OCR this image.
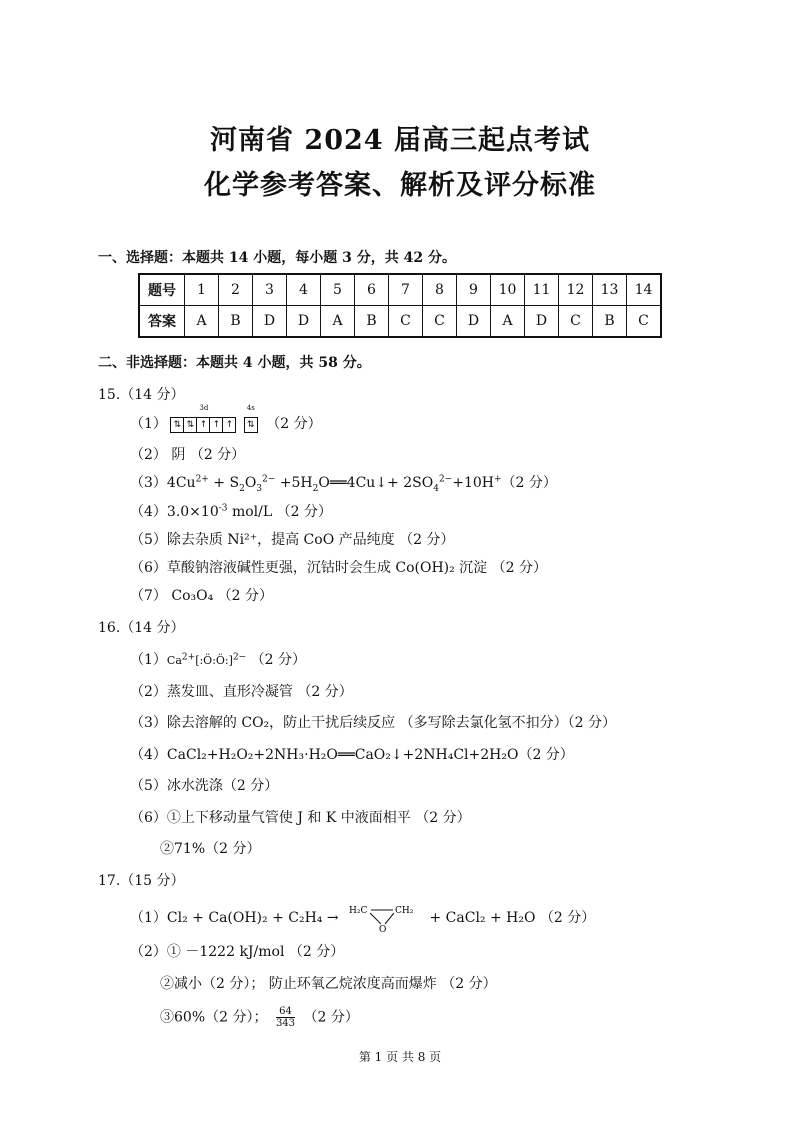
河南省 2024 届高三起点考试
化学参考答案、解析及评分标准
一、选择题：本题共 14 小题，每小题 3 分，共 42 分。
题号	1	2	3	4	5	6	7	8	9	10	11	12	13	14
答案	A	B	D	D	A	B	C	C	D	A	D	C	B	C
二、非选择题：本题共 4 小题，共 58 分。
15.（14 分）
（1）
3d
⇅ ⇅ ↑ ↑ ↑
4s
⇅ （2 分）
（2） 阴 （2 分）
$(3)4Cu^{2+} + S_2O_3^{2-}$ $+5H_2O══4Cu↓+ 2SO_4^{2-}+10H^+(2$ 分）
$(4)3.0\times 10^{-3}$ mol/L （2 分）
（5）除去杂质 Ni²⁺，提高 CoO 产品纯度 （2 分）
（6）草酸钠溶液碱性更强，沉钴时会生成 Co(OH)₂ 沉淀 （2 分）
（7） Co₃O₄ （2 分）
16.（14 分）
$(1)Ca^{2+}[:Ö:Ö:]^{2-}$ （2 分）
（2）蒸发皿、直形冷凝管 （2 分）
（3）除去溶解的 CO₂，防止干扰后续反应 （多写除去氯化氢不扣分）（2 分）
（4）CaCl₂+H₂O₂+2NH₃·H₂O══CaO₂↓+2NH₄Cl+2H₂O（2 分）
（5）冰水洗涤（2 分）
（6）①上下移动量气管使 J 和 K 中液面相平 （2 分）
②71%（2 分）
17.（15 分）
（1）Cl₂ + Ca(OH)₂ + C₂H₄ → H₂C	CH₂
O
+ CaCl₂ + H₂O （2 分）
（2）① －1222 kJ/mol （2 分）
②减小（2 分）； 防止环氧乙烷浓度高而爆炸 （2 分）
③60%（2 分）； $\frac{64}{343} (2$ 分）
第 1 页 共 8 页
